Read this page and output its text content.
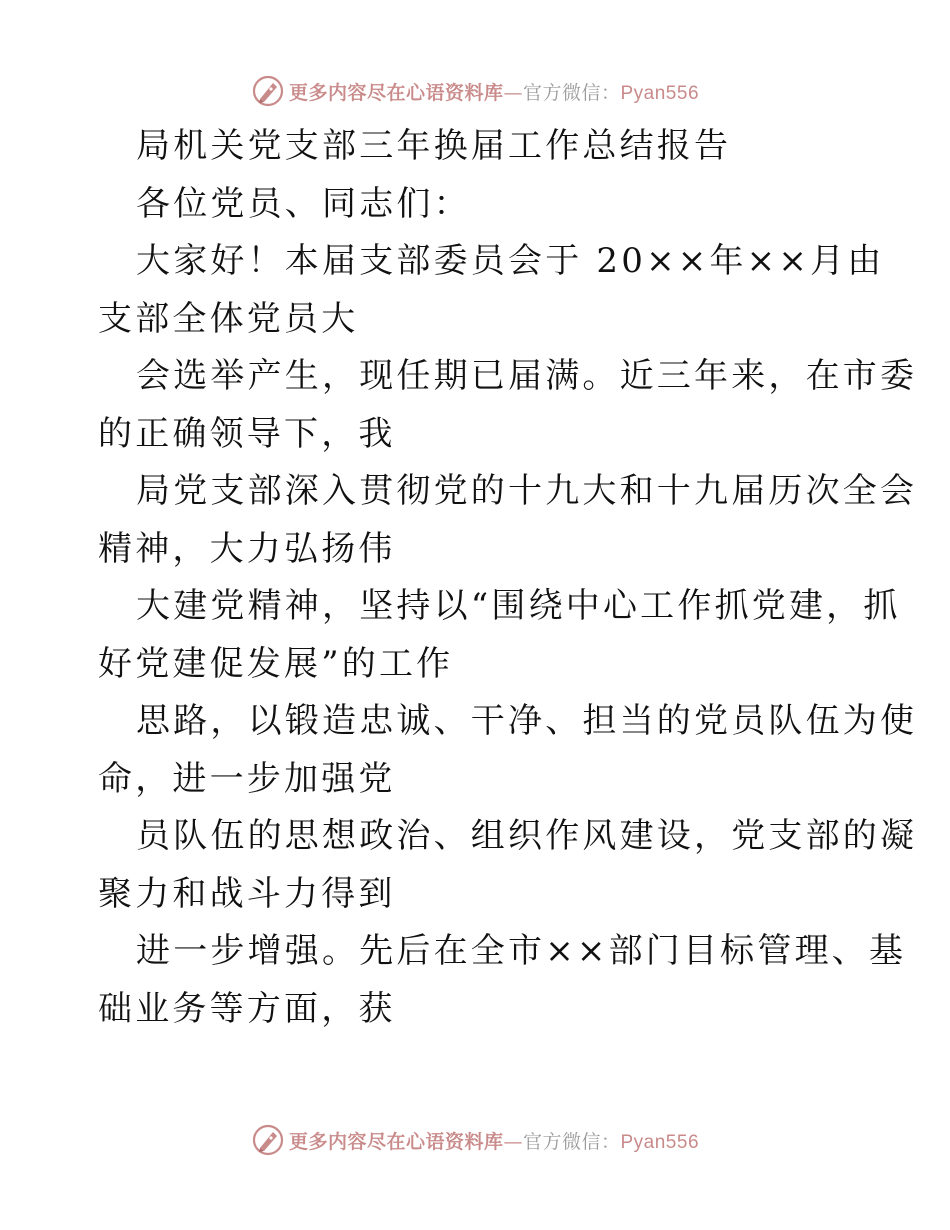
更多内容尽在心语资料库—官方微信：Pyan556
局机关党支部三年换届工作总结报告
各位党员、同志们：
大家好！本届支部委员会于 20××年××月由
支部全体党员大
会选举产生，现任期已届满。近三年来，在市委
的正确领导下，我
局党支部深入贯彻党的十九大和十九届历次全会
精神，大力弘扬伟
大建党精神，坚持以“围绕中心工作抓党建，抓
好党建促发展”的工作
思路，以锻造忠诚、干净、担当的党员队伍为使
命，进一步加强党
员队伍的思想政治、组织作风建设，党支部的凝
聚力和战斗力得到
进一步增强。先后在全市××部门目标管理、基
础业务等方面，获
更多内容尽在心语资料库—官方微信：Pyan556
